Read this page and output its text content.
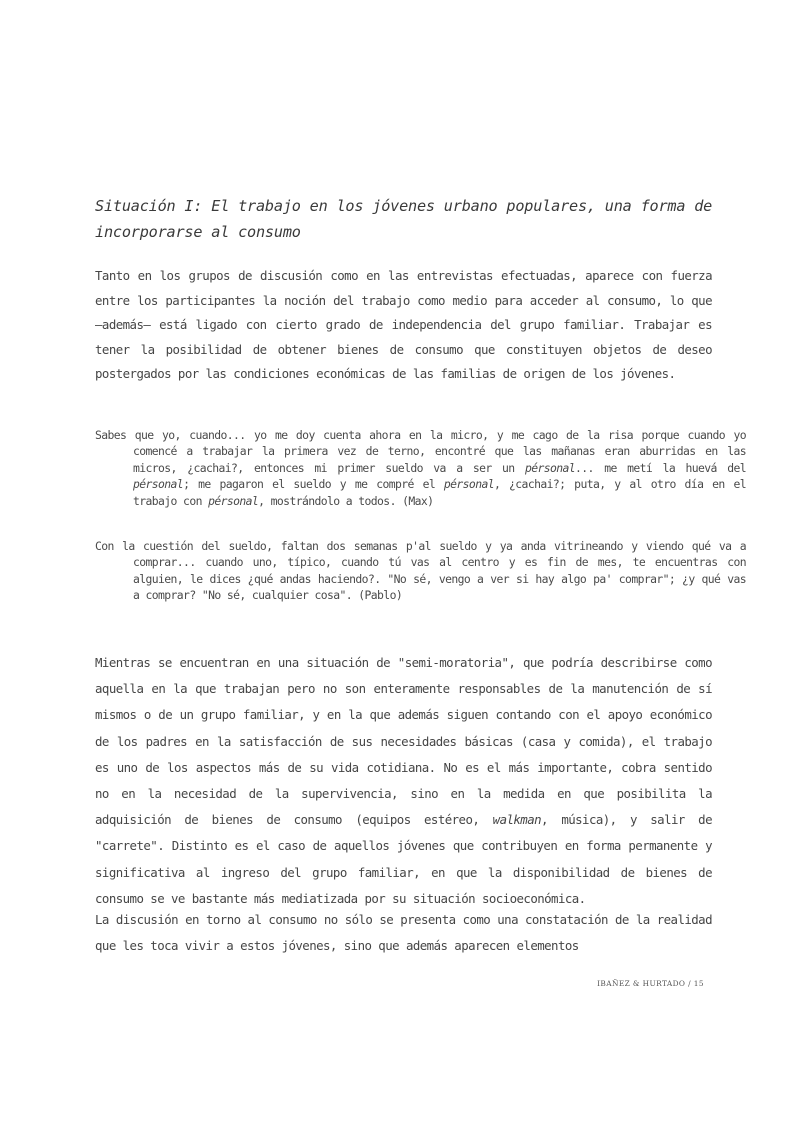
Situación I: El trabajo en los jóvenes urbano populares, una forma de incorporarse al consumo

Tanto en los grupos de discusión como en las entrevistas efectuadas, aparece con fuerza entre los participantes la noción del trabajo como medio para acceder al consumo, lo que —además— está ligado con cierto grado de independencia del grupo familiar. Trabajar es tener la posibilidad de obtener bienes de consumo que constituyen objetos de deseo postergados por las condiciones económicas de las familias de origen de los jóvenes.

Sabes que yo, cuando... yo me doy cuenta ahora en la micro, y me cago de la risa porque cuando yo comencé a trabajar la primera vez de terno, encontré que las mañanas eran aburridas en las micros, ¿cachai?, entonces mi primer sueldo va a ser un pérsonal... me metí la huevá del pérsonal; me pagaron el sueldo y me compré el pérsonal, ¿cachai?; puta, y al otro día en el trabajo con pérsonal, mostrándolo a todos. (Max)

Con la cuestión del sueldo, faltan dos semanas p'al sueldo y ya anda vitrineando y viendo qué va a comprar... cuando uno, típico, cuando tú vas al centro y es fin de mes, te encuentras con alguien, le dices ¿qué andas haciendo?. "No sé, vengo a ver si hay algo pa' comprar"; ¿y qué vas a comprar? "No sé, cualquier cosa". (Pablo)

Mientras se encuentran en una situación de "semi-moratoria", que podría describirse como aquella en la que trabajan pero no son enteramente responsables de la manutención de sí mismos o de un grupo familiar, y en la que además siguen contando con el apoyo económico de los padres en la satisfacción de sus necesidades básicas (casa y comida), el trabajo es uno de los aspectos más de su vida cotidiana. No es el más importante, cobra sentido no en la necesidad de la supervivencia, sino en la medida en que posibilita la adquisición de bienes de consumo (equipos estéreo, walkman, música), y salir de "carrete". Distinto es el caso de aquellos jóvenes que contribuyen en forma permanente y significativa al ingreso del grupo familiar, en que la disponibilidad de bienes de consumo se ve bastante más mediatizada por su situación socioeconómica.

La discusión en torno al consumo no sólo se presenta como una constatación de la realidad que les toca vivir a estos jóvenes, sino que además aparecen elementos

IBAÑEZ & HURTADO / 15
